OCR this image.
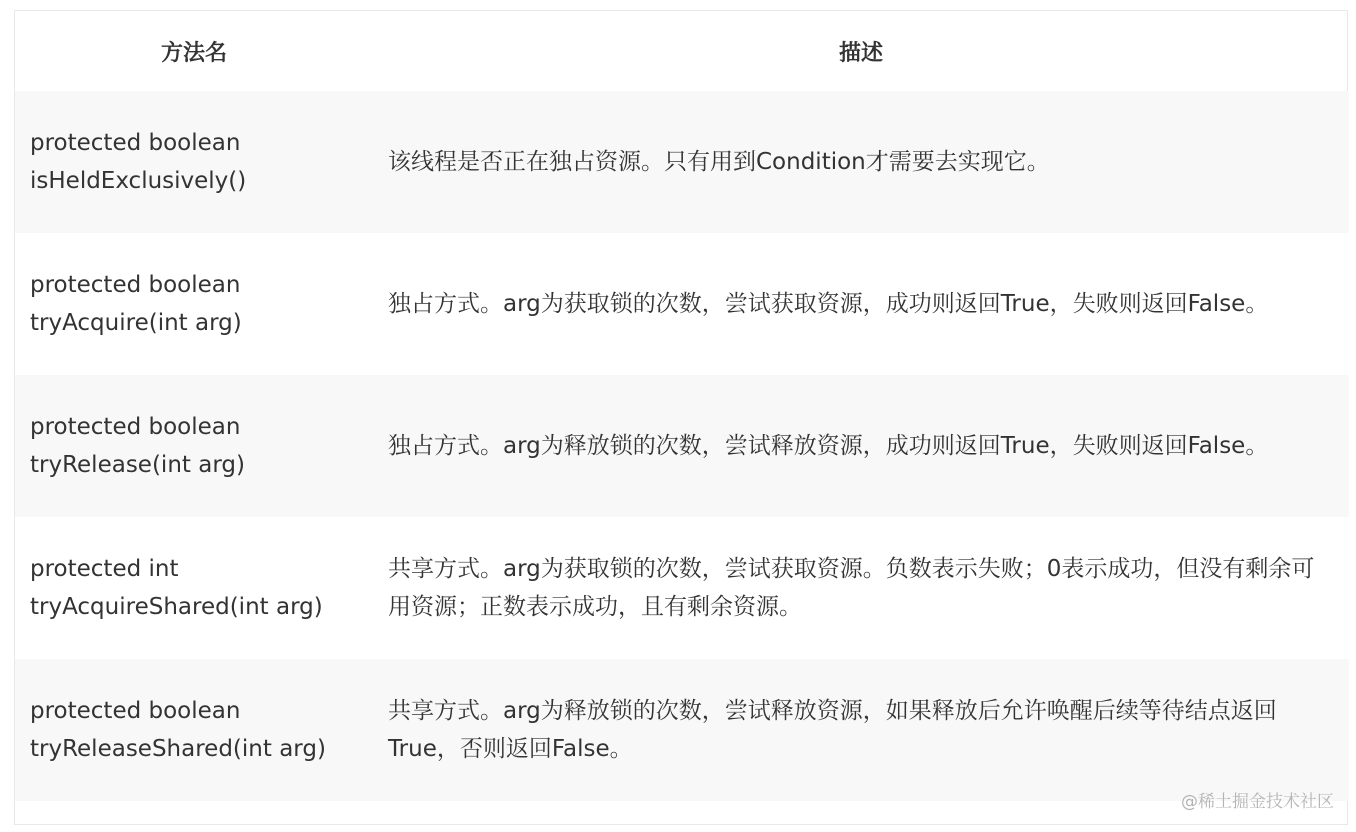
方法名	描述

protected boolean
isHeldExclusively()	该线程是否正在独占资源。只有用到Condition才需要去实现它。

protected boolean
tryAcquire(int arg)	独占方式。arg为获取锁的次数，尝试获取资源，成功则返回True，失败则返回False。

protected boolean
tryRelease(int arg)	独占方式。arg为释放锁的次数，尝试释放资源，成功则返回True，失败则返回False。

protected int
tryAcquireShared(int arg)	共享方式。arg为获取锁的次数，尝试获取资源。负数表示失败；0表示成功，但没有剩余可用资源；正数表示成功，且有剩余资源。

protected boolean
tryReleaseShared(int arg)	共享方式。arg为释放锁的次数，尝试释放资源，如果释放后允许唤醒后续等待结点返回True，否则返回False。
@稀土掘金技术社区
